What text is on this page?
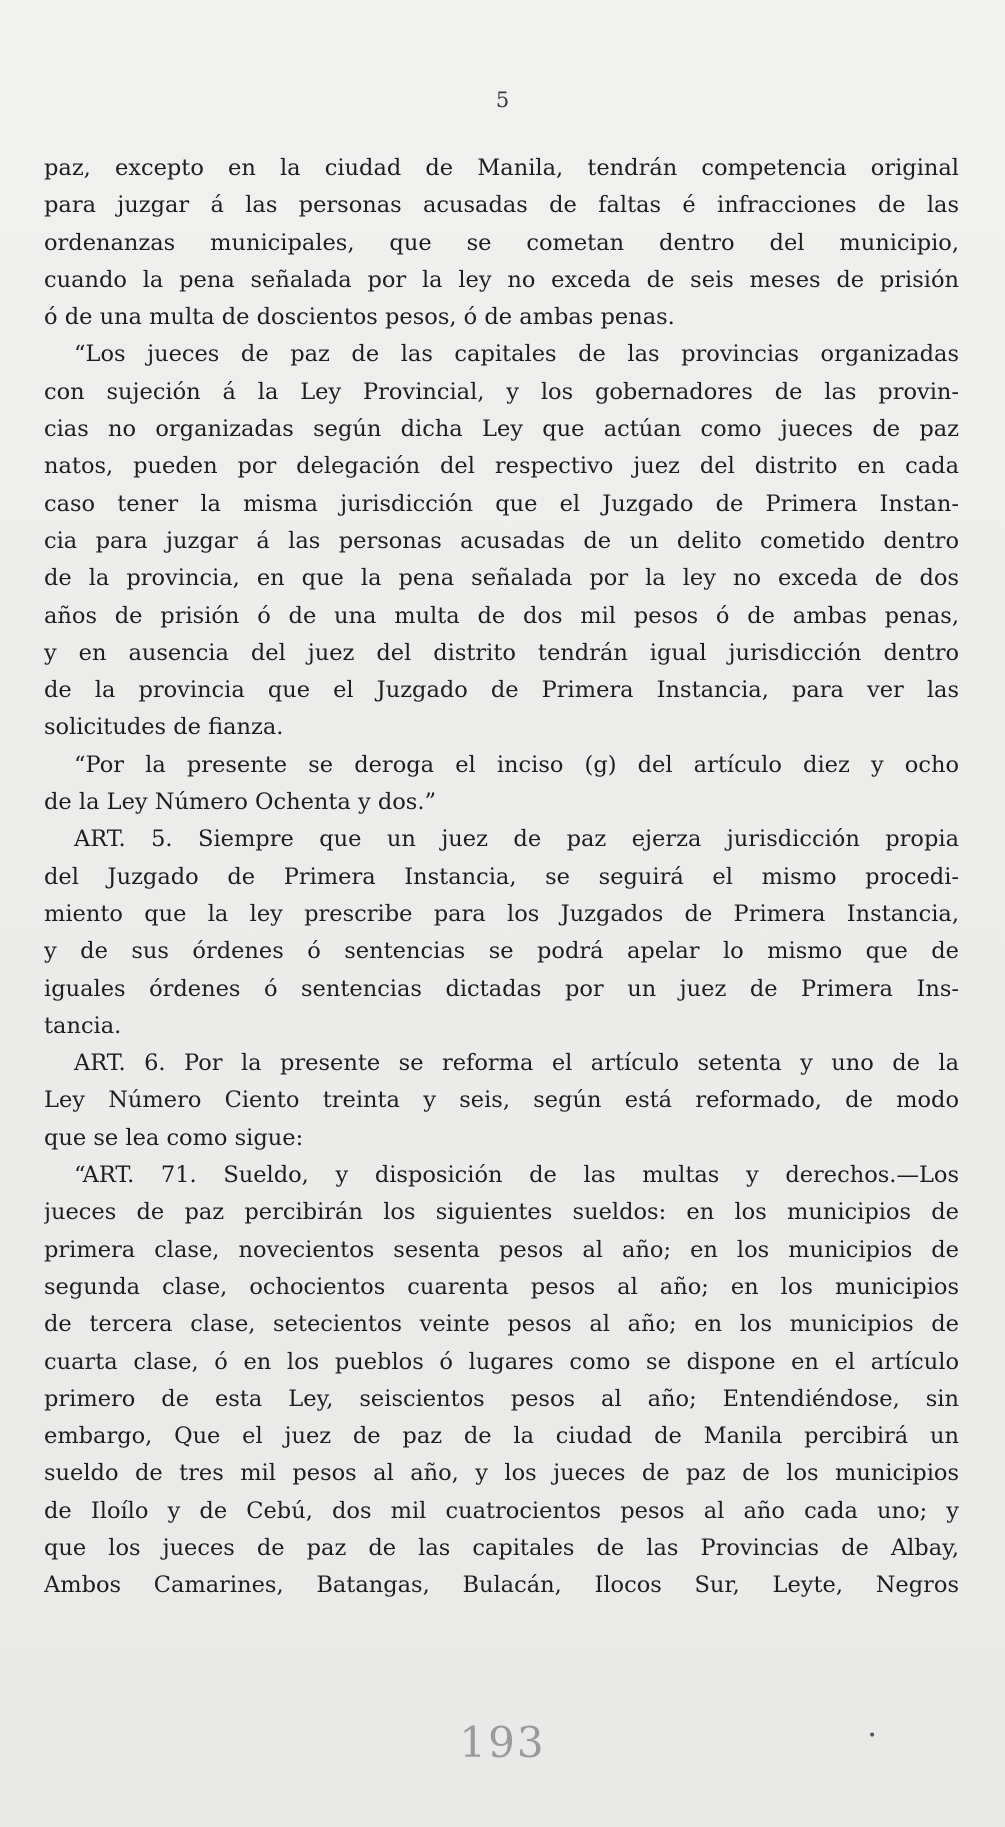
5
paz, excepto en la ciudad de Manila, tendrán competencia original
para juzgar á las personas acusadas de faltas é infracciones de las
ordenanzas municipales, que se cometan dentro del municipio,
cuando la pena señalada por la ley no exceda de seis meses de prisión
ó de una multa de doscientos pesos, ó de ambas penas.
“Los jueces de paz de las capitales de las provincias organizadas
con sujeción á la Ley Provincial, y los gobernadores de las provin-
cias no organizadas según dicha Ley que actúan como jueces de paz
natos, pueden por delegación del respectivo juez del distrito en cada
caso tener la misma jurisdicción que el Juzgado de Primera Instan-
cia para juzgar á las personas acusadas de un delito cometido dentro
de la provincia, en que la pena señalada por la ley no exceda de dos
años de prisión ó de una multa de dos mil pesos ó de ambas penas,
y en ausencia del juez del distrito tendrán igual jurisdicción dentro
de la provincia que el Juzgado de Primera Instancia, para ver las
solicitudes de fianza.
“Por la presente se deroga el inciso (g) del artículo diez y ocho
de la Ley Número Ochenta y dos.”
ART. 5. Siempre que un juez de paz ejerza jurisdicción propia
del Juzgado de Primera Instancia, se seguirá el mismo procedi-
miento que la ley prescribe para los Juzgados de Primera Instancia,
y de sus órdenes ó sentencias se podrá apelar lo mismo que de
iguales órdenes ó sentencias dictadas por un juez de Primera Ins-
tancia.
ART. 6. Por la presente se reforma el artículo setenta y uno de la
Ley Número Ciento treinta y seis, según está reformado, de modo
que se lea como sigue:
“ART. 71. Sueldo, y disposición de las multas y derechos.—Los
jueces de paz percibirán los siguientes sueldos: en los municipios de
primera clase, novecientos sesenta pesos al año; en los municipios de
segunda clase, ochocientos cuarenta pesos al año; en los municipios
de tercera clase, setecientos veinte pesos al año; en los municipios de
cuarta clase, ó en los pueblos ó lugares como se dispone en el artículo
primero de esta Ley, seiscientos pesos al año; Entendiéndose, sin
embargo, Que el juez de paz de la ciudad de Manila percibirá un
sueldo de tres mil pesos al año, y los jueces de paz de los municipios
de Iloílo y de Cebú, dos mil cuatrocientos pesos al año cada uno; y
que los jueces de paz de las capitales de las Provincias de Albay,
Ambos Camarines, Batangas, Bulacán, Ilocos Sur, Leyte, Negros
193	•
